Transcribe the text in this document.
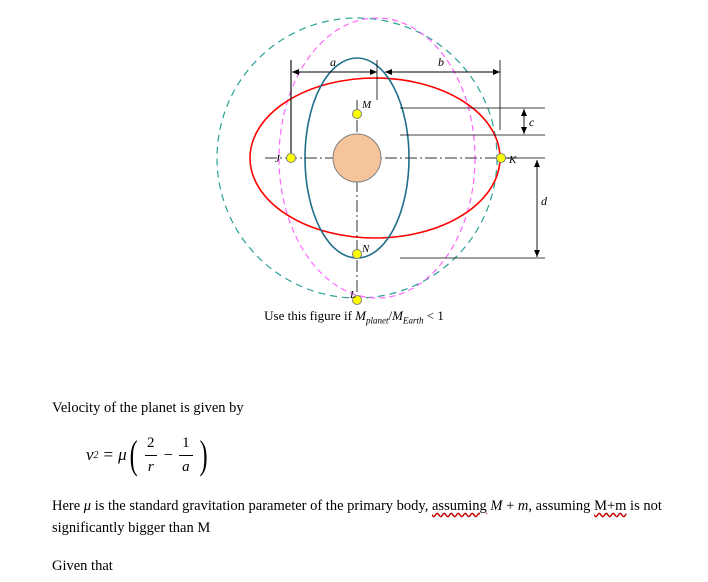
a	b
c
d
M
N
J	K
L
Use this figure if $M_{planet}/M_{Earth} < 1$
Velocity of the planet is given by
v 2 = μ ( $\frac{2}{r} - \frac{1}{a}$ )
Here μ is the standard gravitation parameter of the primary body, assuming M + m, assuming M+m is not significantly bigger than M
Given that
